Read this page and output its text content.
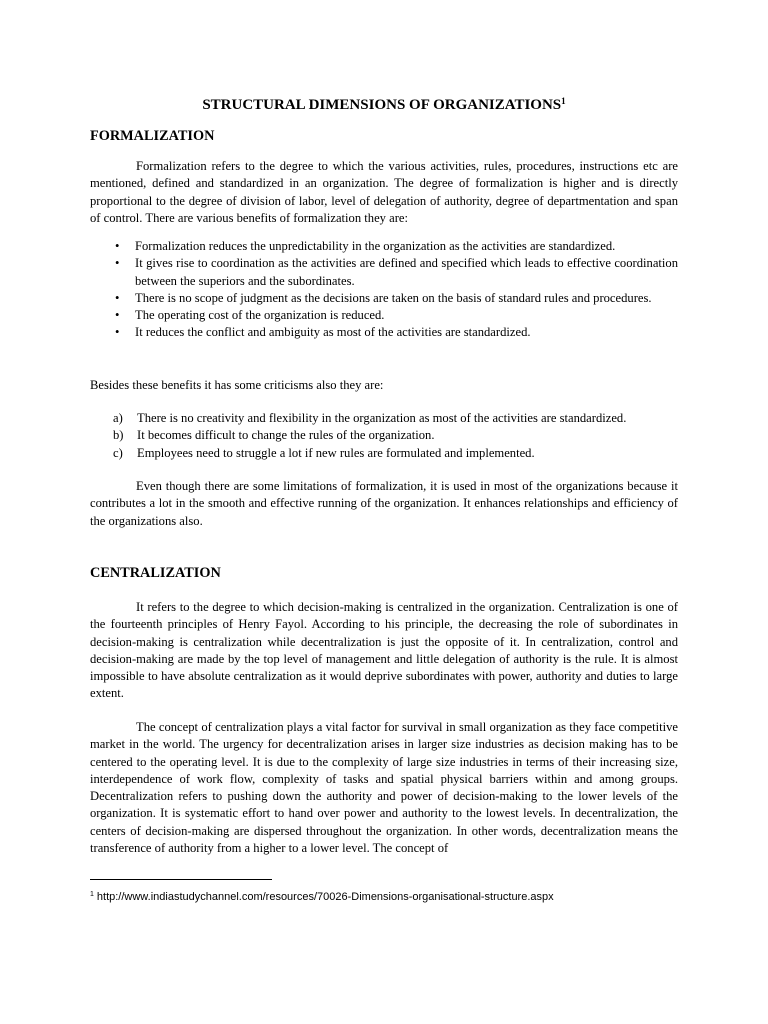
STRUCTURAL DIMENSIONS OF ORGANIZATIONS$^1$
FORMALIZATION

Formalization refers to the degree to which the various activities, rules, procedures, instructions etc are mentioned, defined and standardized in an organization. The degree of formalization is higher and is directly proportional to the degree of division of labor, level of delegation of authority, degree of departmentation and span of control. There are various benefits of formalization they are:

• Formalization reduces the unpredictability in the organization as the activities are standardized.
• It gives rise to coordination as the activities are defined and specified which leads to effective coordination between the superiors and the subordinates.
• There is no scope of judgment as the decisions are taken on the basis of standard rules and procedures.
• The operating cost of the organization is reduced.
• It reduces the conflict and ambiguity as most of the activities are standardized.

Besides these benefits it has some criticisms also they are:

a) There is no creativity and flexibility in the organization as most of the activities are standardized.
b) It becomes difficult to change the rules of the organization.
c) Employees need to struggle a lot if new rules are formulated and implemented.

Even though there are some limitations of formalization, it is used in most of the organizations because it contributes a lot in the smooth and effective running of the organization. It enhances relationships and efficiency of the organizations also.

CENTRALIZATION

It refers to the degree to which decision-making is centralized in the organization. Centralization is one of the fourteenth principles of Henry Fayol. According to his principle, the decreasing the role of subordinates in decision-making is centralization while decentralization is just the opposite of it. In centralization, control and decision-making are made by the top level of management and little delegation of authority is the rule. It is almost impossible to have absolute centralization as it would deprive subordinates with power, authority and duties to large extent.

The concept of centralization plays a vital factor for survival in small organization as they face competitive market in the world. The urgency for decentralization arises in larger size industries as decision making has to be centered to the operating level. It is due to the complexity of large size industries in terms of their increasing size, interdependence of work flow, complexity of tasks and spatial physical barriers within and among groups. Decentralization refers to pushing down the authority and power of decision-making to the lower levels of the organization. It is systematic effort to hand over power and authority to the lowest levels. In decentralization, the centers of decision-making are dispersed throughout the organization. In other words, decentralization means the transference of authority from a higher to a lower level. The concept of

$^1$ http://www.indiastudychannel.com/resources/70026-Dimensions-organisational-structure.aspx
